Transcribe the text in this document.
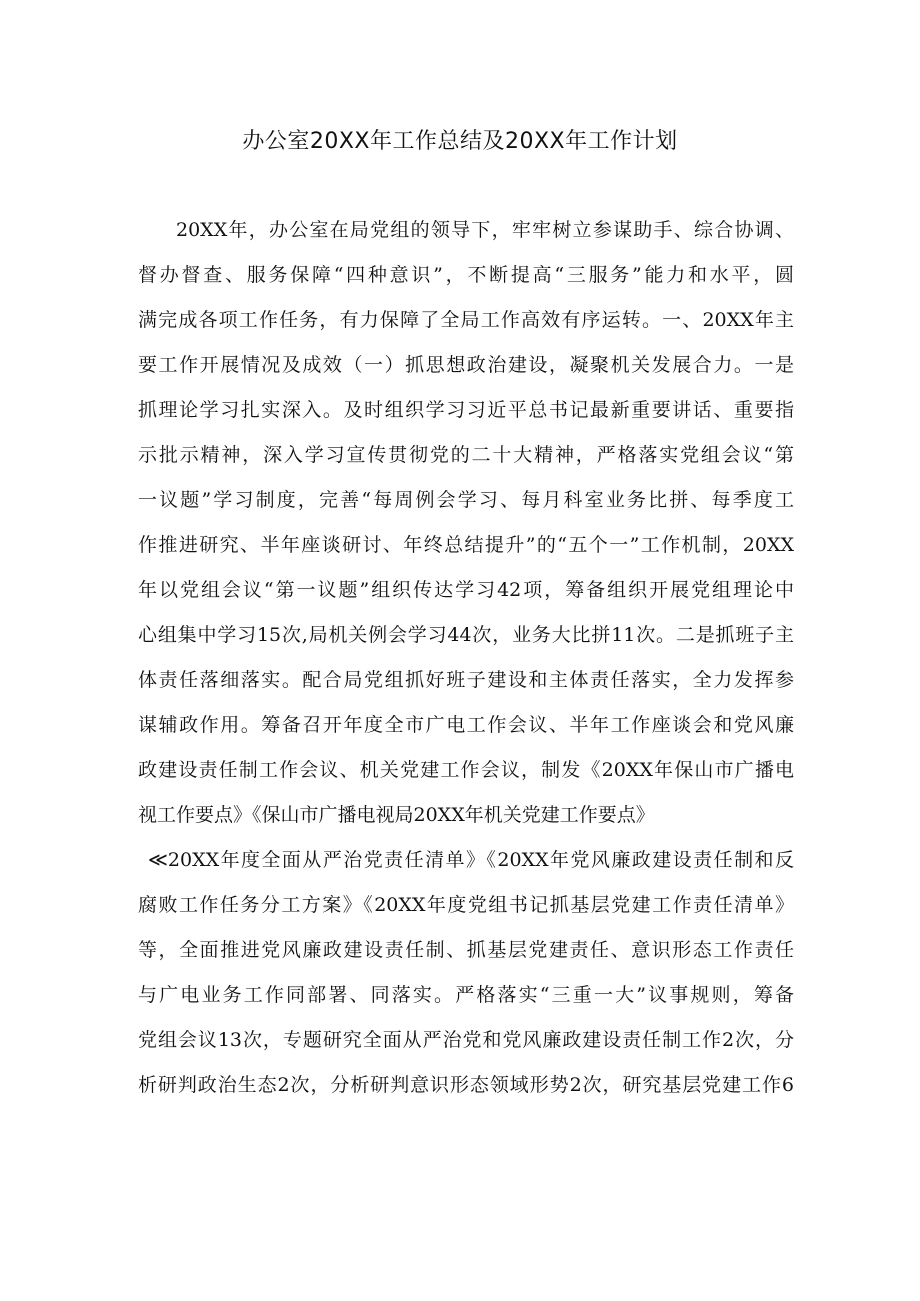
办公室20XX年工作总结及20XX年工作计划
20XX年，办公室在局党组的领导下，牢牢树立参谋助手、综合协调、
督办督查、服务保障“四种意识”，不断提高“三服务”能力和水平，圆
满完成各项工作任务，有力保障了全局工作高效有序运转。一、20XX年主
要工作开展情况及成效（一）抓思想政治建设，凝聚机关发展合力。一是
抓理论学习扎实深入。及时组织学习习近平总书记最新重要讲话、重要指
示批示精神，深入学习宣传贯彻党的二十大精神，严格落实党组会议“第
一议题”学习制度，完善“每周例会学习、每月科室业务比拼、每季度工
作推进研究、半年座谈研讨、年终总结提升”的“五个一”工作机制，20XX
年以党组会议“第一议题”组织传达学习42项，筹备组织开展党组理论中
心组集中学习15次,局机关例会学习44次，业务大比拼11次。二是抓班子主
体责任落细落实。配合局党组抓好班子建设和主体责任落实，全力发挥参
谋辅政作用。筹备召开年度全市广电工作会议、半年工作座谈会和党风廉
政建设责任制工作会议、机关党建工作会议，制发《20XX年保山市广播电
视工作要点》《保山市广播电视局20XX年机关党建工作要点》
≪20XX年度全面从严治党责任清单》《20XX年党风廉政建设责任制和反
腐败工作任务分工方案》《20XX年度党组书记抓基层党建工作责任清单》
等，全面推进党风廉政建设责任制、抓基层党建责任、意识形态工作责任
与广电业务工作同部署、同落实。严格落实“三重一大”议事规则，筹备
党组会议13次，专题研究全面从严治党和党风廉政建设责任制工作2次，分
析研判政治生态2次，分析研判意识形态领域形势2次，研究基层党建工作6
